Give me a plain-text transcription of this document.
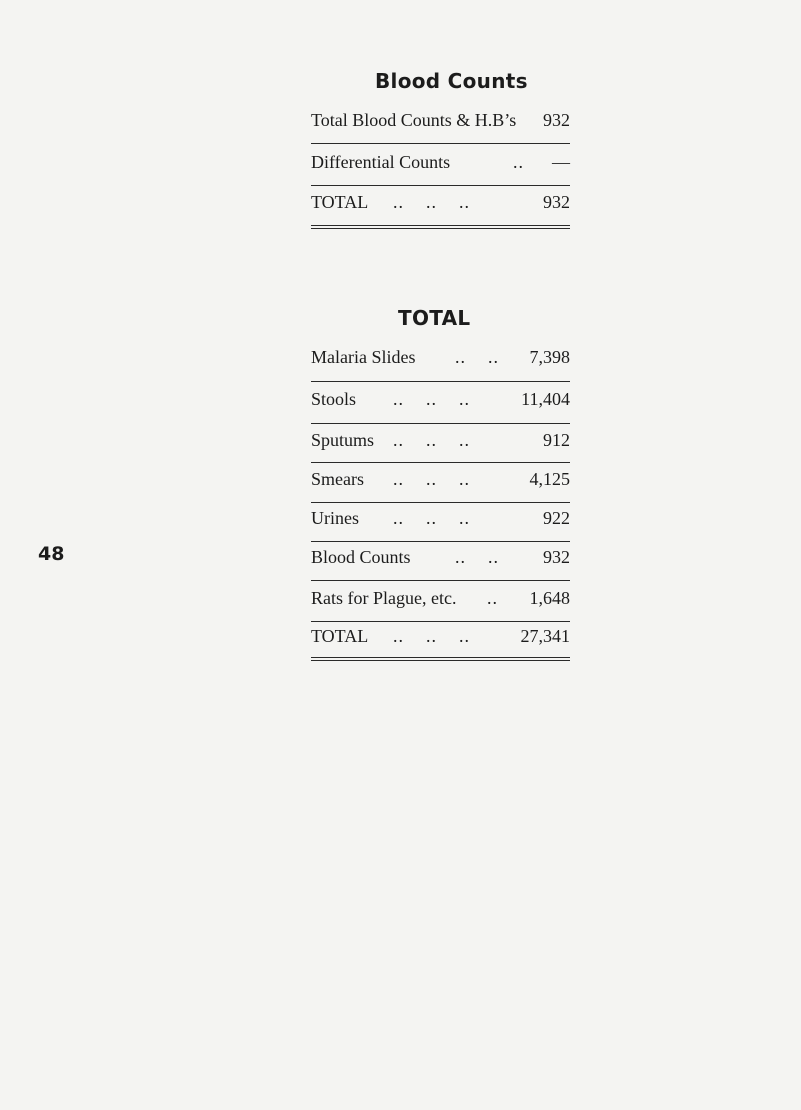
48
Blood Counts
Total Blood Counts & H.B’s 932
Differential Counts	.. —
TOTAL ..    ..    ..	932
TOTAL
Malaria Slides ..    .. 7,398
Stools ..    ..    ..	11,404
Sputums ..    ..    ..	912
Smears ..    ..    ..	4,125
Urines ..    ..    ..	922
Blood Counts ..    .. 932
Rats for Plague, etc. .. 1,648
TOTAL ..    ..    ..	27,341
